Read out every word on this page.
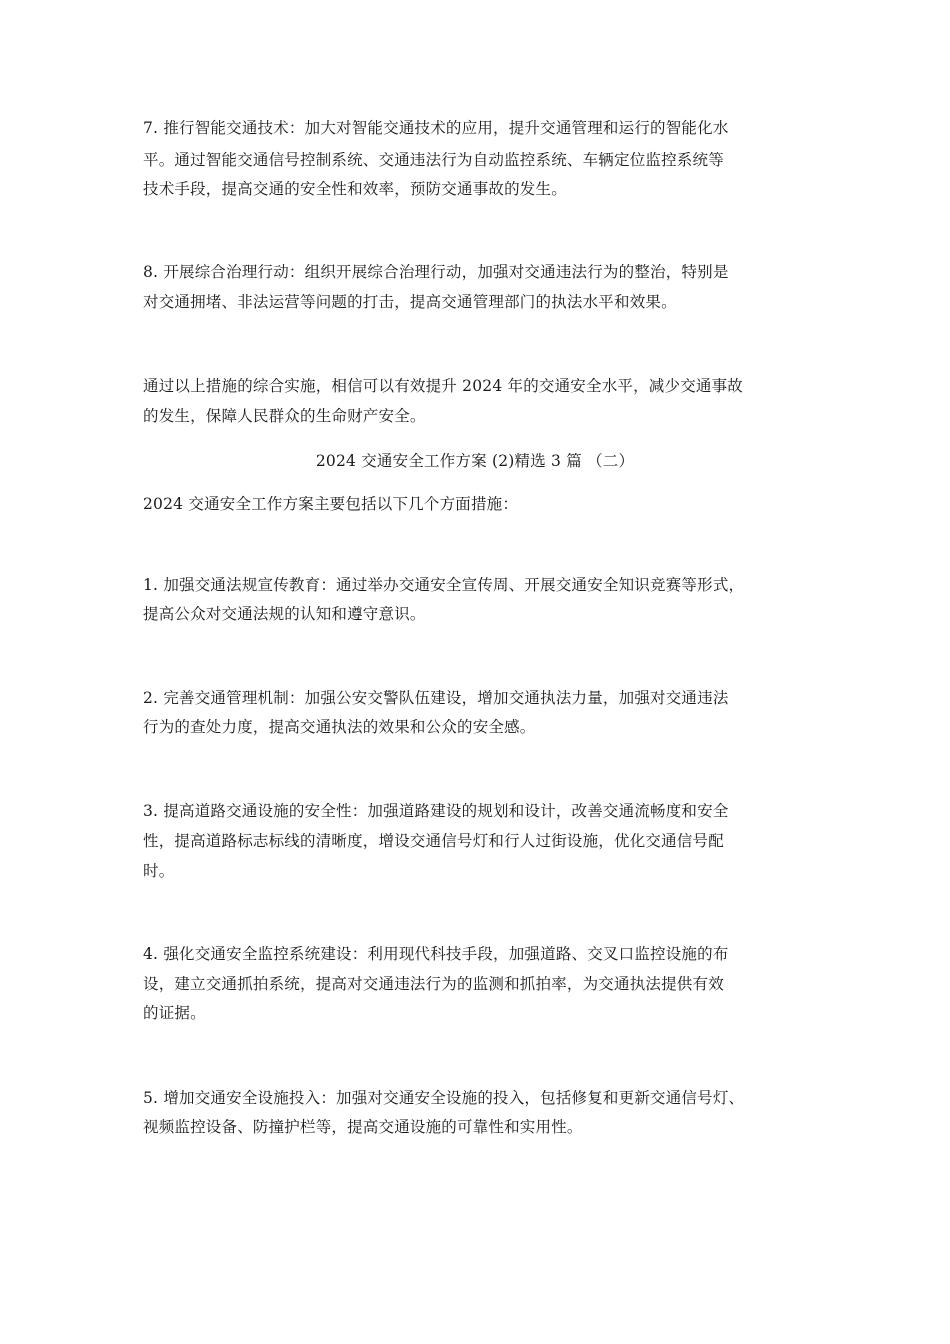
7. 推行智能交通技术：加大对智能交通技术的应用，提升交通管理和运行的智能化水
平。通过智能交通信号控制系统、交通违法行为自动监控系统、车辆定位监控系统等
技术手段，提高交通的安全性和效率，预防交通事故的发生。
8. 开展综合治理行动：组织开展综合治理行动，加强对交通违法行为的整治，特别是
对交通拥堵、非法运营等问题的打击，提高交通管理部门的执法水平和效果。
通过以上措施的综合实施，相信可以有效提升 2024 年的交通安全水平，减少交通事故
的发生，保障人民群众的生命财产安全。
2024 交通安全工作方案 (2)精选 3 篇 （二）
2024 交通安全工作方案主要包括以下几个方面措施：
1. 加强交通法规宣传教育：通过举办交通安全宣传周、开展交通安全知识竞赛等形式，
提高公众对交通法规的认知和遵守意识。
2. 完善交通管理机制：加强公安交警队伍建设，增加交通执法力量，加强对交通违法
行为的查处力度，提高交通执法的效果和公众的安全感。
3. 提高道路交通设施的安全性：加强道路建设的规划和设计，改善交通流畅度和安全
性，提高道路标志标线的清晰度，增设交通信号灯和行人过街设施，优化交通信号配
时。
4. 强化交通安全监控系统建设：利用现代科技手段，加强道路、交叉口监控设施的布
设，建立交通抓拍系统，提高对交通违法行为的监测和抓拍率，为交通执法提供有效
的证据。
5. 增加交通安全设施投入：加强对交通安全设施的投入，包括修复和更新交通信号灯、
视频监控设备、防撞护栏等，提高交通设施的可靠性和实用性。
